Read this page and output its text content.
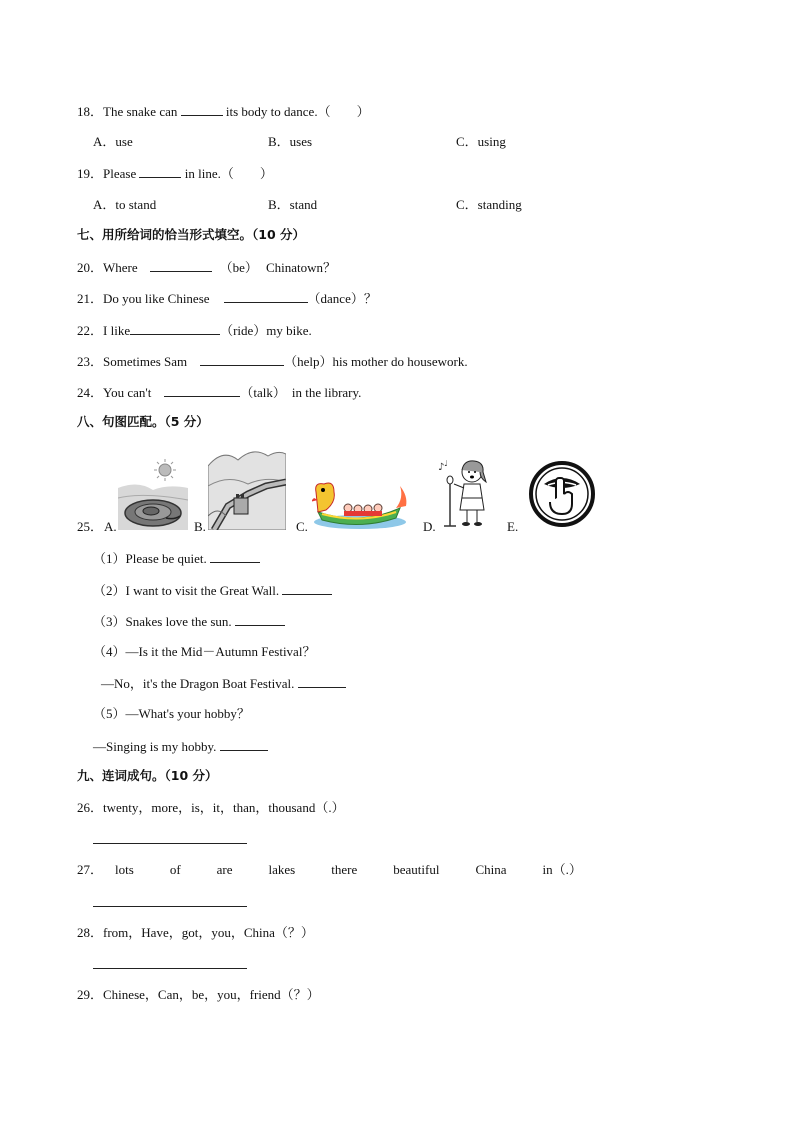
18．The snake can	its body to dance.（　　）
A．use	B．uses	C．using
19．Please	in line.（　　）
A．to stand	B．stand	C．standing
七、用所给词的恰当形式填空。（10 分）
20．Where	（be） Chinatown？
21．Do you like Chinese	（dance）？
22．I like	（ride）my bike.
23．Sometimes Sam	（help）his mother do housework.
24．You can't	（talk） in the library.
八、句图匹配。（5 分）
25． A.	B.	C.	D.	E.
♪ ♩
（1）Please be quiet.
（2）I want to visit the Great Wall.
（3）Snakes love the sun.
（4）—Is it the Mid－Autumn Festival？
—No，it's the Dragon Boat Festival.
（5）—What's your hobby？
—Singing is my hobby.
九、连词成句。（10 分）
26．twenty，more，is，it，than，thousand（.）
27． lots	of	are	lakes	there	beautiful	China	in（.）
28．from，Have，got，you，China（？）
29．Chinese，Can，be，you，friend（？）
